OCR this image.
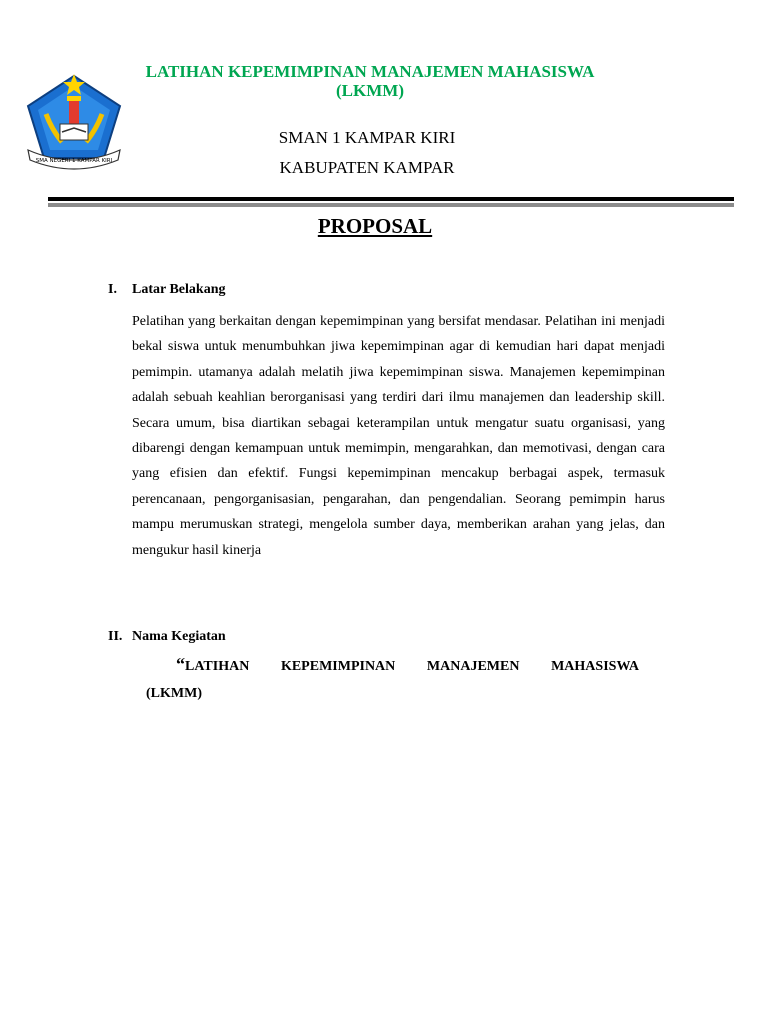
SMA NEGERI 1 KAMPAR KIRI
LATIHAN KEPEMIMPINAN MANAJEMEN MAHASISWA
(LKMM)
SMAN 1 KAMPAR KIRI
KABUPATEN KAMPAR
PROPOSAL
I. Latar Belakang

Pelatihan yang berkaitan dengan kepemimpinan yang bersifat mendasar. Pelatihan ini menjadi bekal siswa untuk menumbuhkan jiwa kepemimpinan agar di kemudian hari dapat menjadi pemimpin. utamanya adalah melatih jiwa kepemimpinan siswa. Manajemen kepemimpinan adalah sebuah keahlian berorganisasi yang terdiri dari ilmu manajemen dan leadership skill. Secara umum, bisa diartikan sebagai keterampilan untuk mengatur suatu organisasi, yang dibarengi dengan kemampuan untuk memimpin, mengarahkan, dan memotivasi, dengan cara yang efisien dan efektif. Fungsi kepemimpinan mencakup berbagai aspek, termasuk perencanaan, pengorganisasian, pengarahan, dan pengendalian. Seorang pemimpin harus mampu merumuskan strategi, mengelola sumber daya, memberikan arahan yang jelas, dan mengukur hasil kinerja

II. Nama Kegiatan

“LATIHAN KEPEMIMPINAN MANAJEMEN MAHASISWA

(LKMM)
